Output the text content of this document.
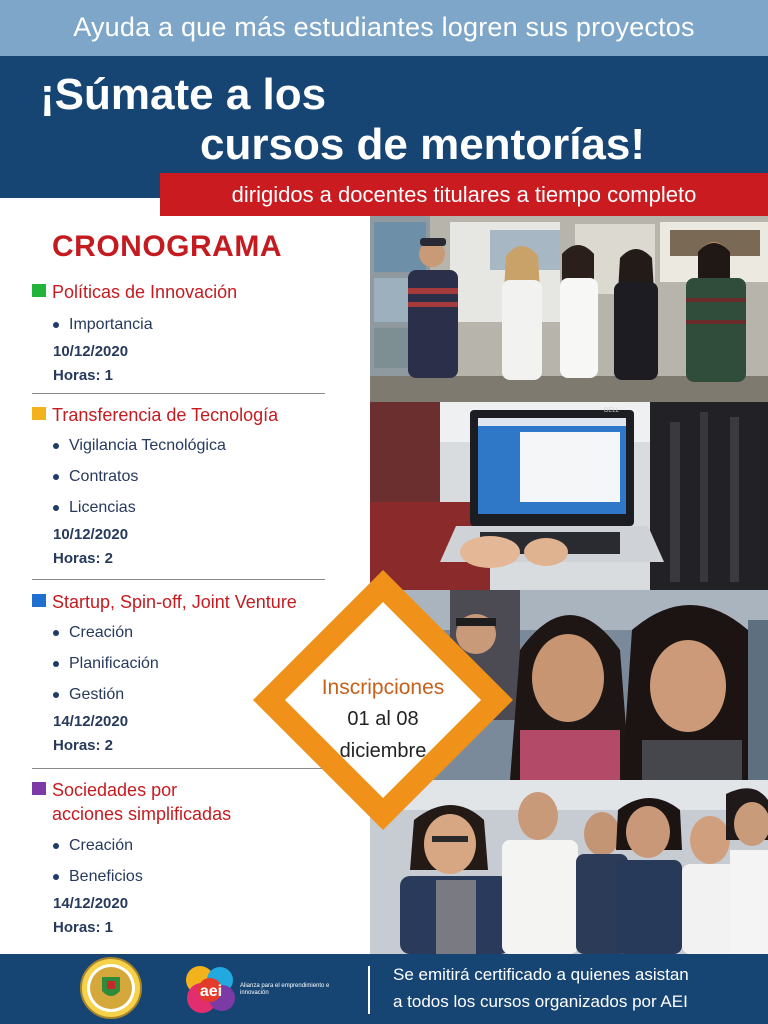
Ayuda a que más estudiantes logren sus proyectos
¡Súmate a los
cursos de mentorías!
dirigidos a docentes titulares a tiempo completo
CRONOGRAMA
Políticas de Innovación
Importancia
10/12/2020
Horas: 1
Transferencia de Tecnología
Vigilancia Tecnológica
Contratos
Licencias
10/12/2020
Horas: 2
Startup, Spin-off, Joint Venture
Creación
Planificación
Gestión
14/12/2020
Horas: 2
Sociedades por
acciones simplificadas
Creación
Beneficios
14/12/2020
Horas: 1
DELL
Inscripciones
01 al 08
diciembre
aei	Alianza para el emprendimiento e innovación
Se emitirá certificado a quienes asistan
a todos los cursos organizados por AEI
